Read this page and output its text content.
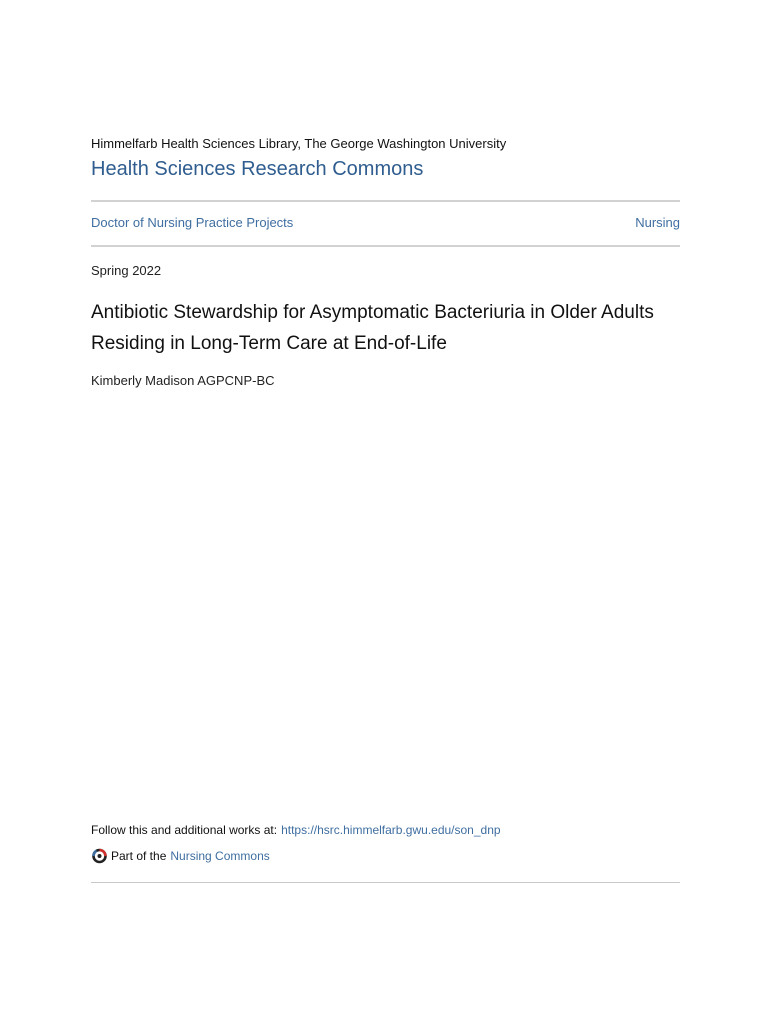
Himmelfarb Health Sciences Library, The George Washington University
Health Sciences Research Commons
Doctor of Nursing Practice Projects	Nursing
Spring 2022
Antibiotic Stewardship for Asymptomatic Bacteriuria in Older Adults Residing in Long-Term Care at End-of-Life
Kimberly Madison AGPCNP-BC
Follow this and additional works at: https://hsrc.himmelfarb.gwu.edu/son_dnp
Part of the Nursing Commons
